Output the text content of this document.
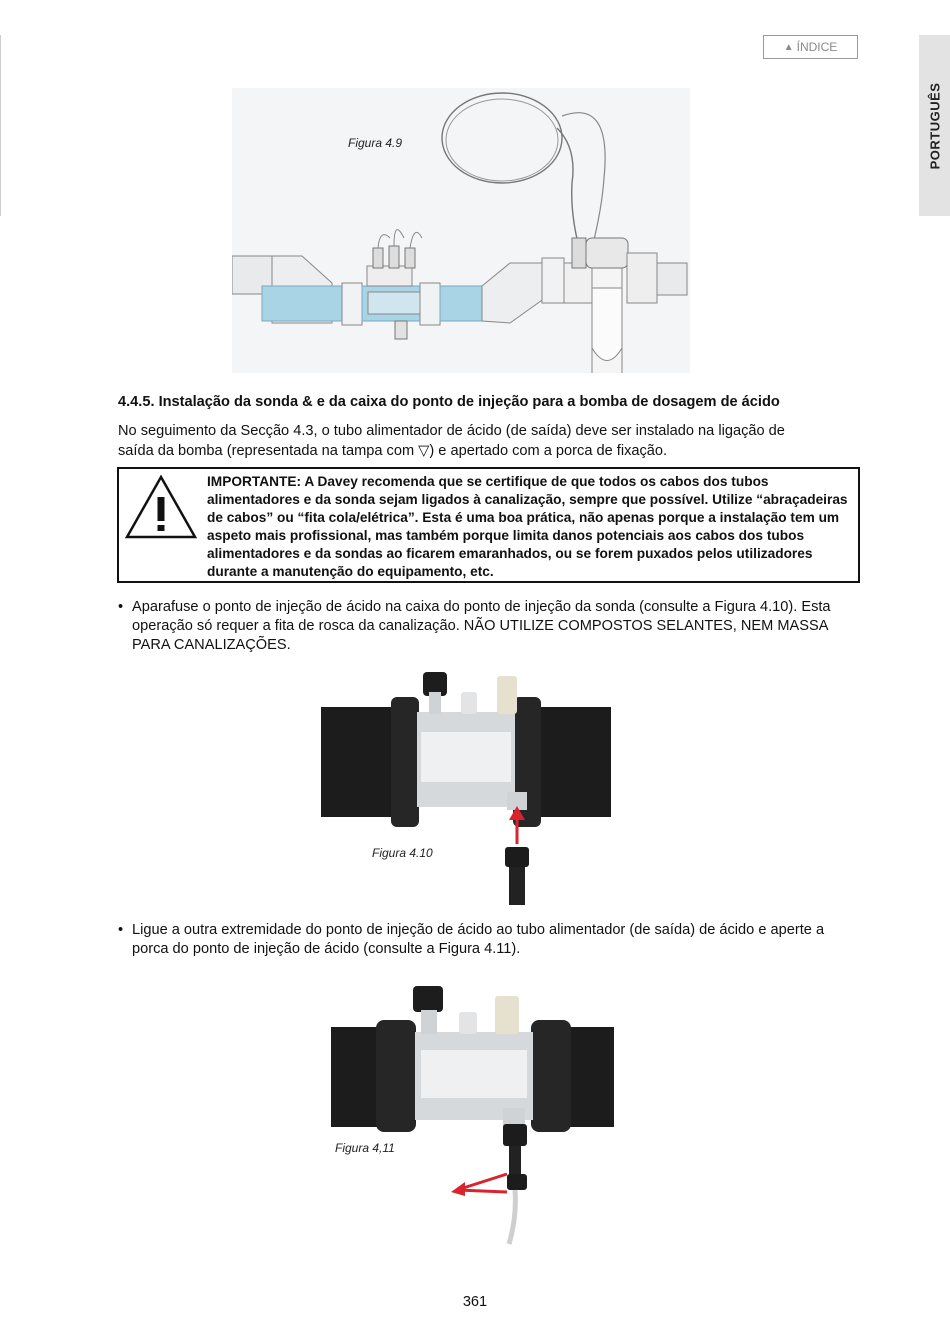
▲ ÍNDICE
PORTUGUÊS
Figura 4.9
4.4.5. Instalação da sonda & e da caixa do ponto de injeção para a bomba de dosagem de ácido
No seguimento da Secção 4.3, o tubo alimentador de ácido (de saída) deve ser instalado na ligação de
saída da bomba (representada na tampa com ▽) e apertado com a porca de fixação.
IMPORTANTE: A Davey recomenda que se certifique de que todos os cabos dos tubos alimentadores e da sonda sejam ligados à canalização, sempre que possível. Utilize “abraçadeiras de cabos” ou “fita cola/elétrica”. Esta é uma boa prática, não apenas porque a instalação tem um aspeto mais profissional, mas também porque limita danos potenciais aos cabos dos tubos alimentadores e da sondas ao ficarem emaranhados, ou se forem puxados pelos utilizadores durante a manutenção do equipamento, etc.
• Aparafuse o ponto de injeção de ácido na caixa do ponto de injeção da sonda (consulte a Figura 4.10). Esta operação só requer a fita de rosca da canalização. NÃO UTILIZE COMPOSTOS SELANTES, NEM MASSA PARA CANALIZAÇÕES.
Figura 4.10
• Ligue a outra extremidade do ponto de injeção de ácido ao tubo alimentador (de saída) de ácido e aperte a porca do ponto de injeção de ácido (consulte a Figura 4.11).
Figura 4,11
361
